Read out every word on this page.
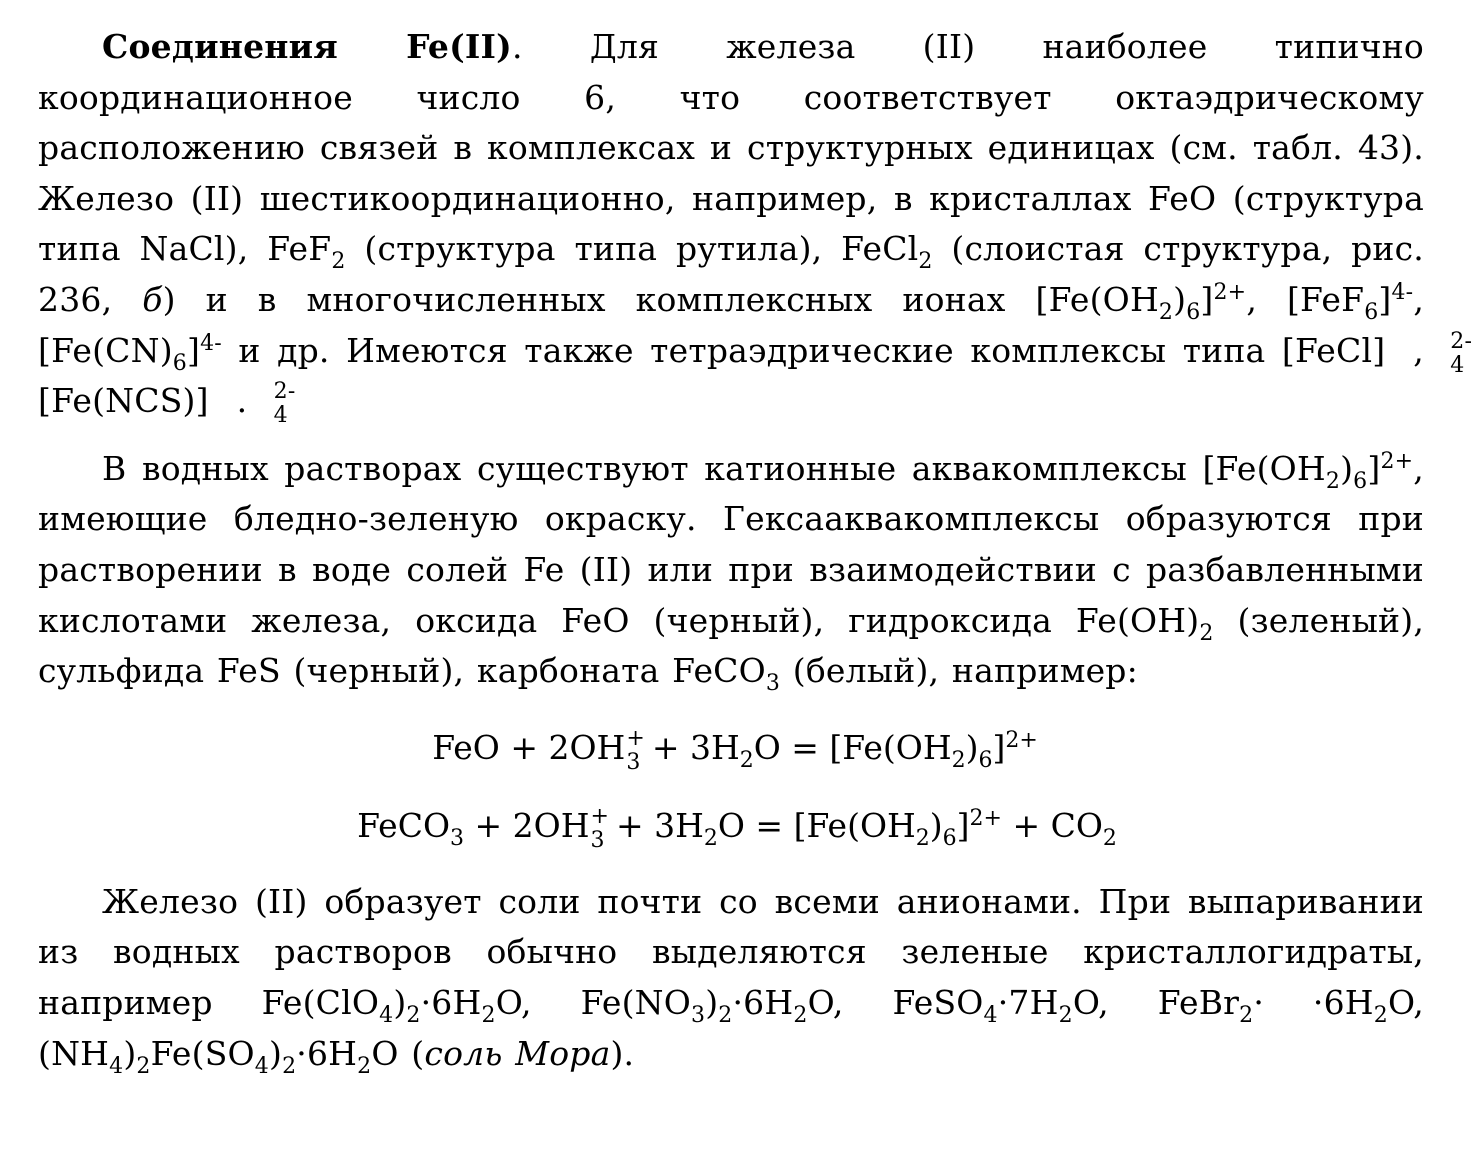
Соединения Fe(II). Для железа (II) наиболее типично координационное число 6, что соответствует октаэдрическому расположению связей в комплексах и структурных единицах (см. табл. 43). Железо (II) шестикоординационно, например, в кристаллах FeO (структура типа NaCl), FeF$_2$ (структура типа рутила), FeCl$_2$ (слоистая структура, рис. 236, б) и в многочисленных комплексных ионах $[Fe(OH_2)_6]^{2+}$, $[FeF_6]^{4-}$, $[Fe(CN)_6]^{4-}$ и др. Имеются также тетраэдрические комплексы типа [FeCl]	2-
4
, [Fe(NCS)]	2-
4
.

В водных растворах существуют катионные аквакомплексы $[Fe(OH_2)_6]^{2+}$, имеющие бледно-зеленую окраску. Гексааквакомплексы образуются при растворении в воде солей Fe (II) или при взаимодействии с разбавленными кислотами железа, оксида FeO (черный), гидроксида $Fe(OH)_2$ (зеленый), сульфида FeS (черный), карбоната FeCO$_3$ (белый), например:

FeO + 2OH +
$3 + 3H_2O = [Fe(OH_2)_6]^{2+}$
FeCO$_3$ + 2OH +
$3 + 3H_2O = [Fe(OH_2)_6]^{2+} + CO_2$

Железо (II) образует соли почти со всеми анионами. При выпаривании из водных растворов обычно выделяются зеленые кристаллогидраты, например $Fe(ClO_4)_2\cdot 6H_2O$, $Fe(NO_3)_2\cdot 6H_2O$, $FeSO_4\cdot 7H_2O$, FeBr$_2$· $\cdot 6H_2O$, $(NH_4)_2Fe(SO_4)_2\cdot 6H_2O$ (соль Мора).
